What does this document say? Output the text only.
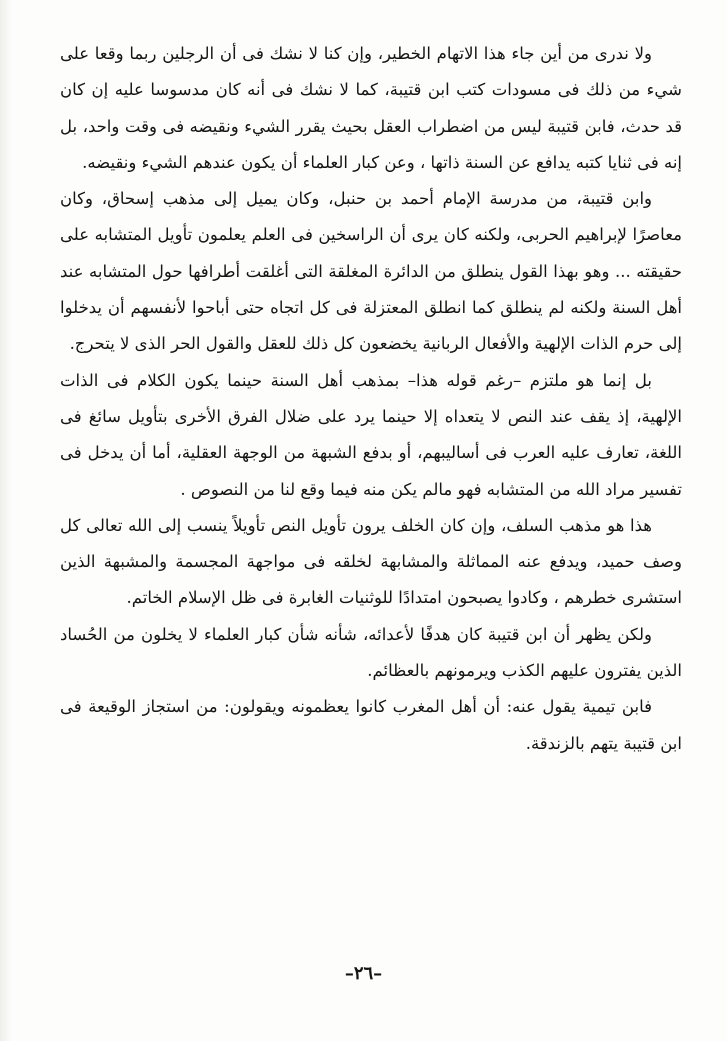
ولا ندرى من أين جاء هذا الاتهام الخطير، وإن كنا لا نشك فى أن الرجلين ربما وقعا على شيء من ذلك فى مسودات كتب ابن قتيبة، كما لا نشك فى أنه كان مدسوسا عليه إن كان قد حدث، فابن قتيبة ليس من اضطراب العقل بحيث يقرر الشيء ونقيضه فى وقت واحد، بل إنه فى ثنايا كتبه يدافع عن السنة ذاتها ، وعن كبار العلماء أن يكون عندهم الشيء ونقيضه.

وابن قتيبة، من مدرسة الإمام أحمد بن حنبل، وكان يميل إلى مذهب إسحاق، وكان معاصرًا لإبراهيم الحربى، ولكنه كان يرى أن الراسخين فى العلم يعلمون تأويل المتشابه على حقيقته ... وهو بهذا القول ينطلق من الدائرة المغلقة التى أغلقت أطرافها حول المتشابه عند أهل السنة ولكنه لم ينطلق كما انطلق المعتزلة فى كل اتجاه حتى أباحوا لأنفسهم أن يدخلوا إلى حرم الذات الإلهية والأفعال الربانية يخضعون كل ذلك للعقل والقول الحر الذى لا يتحرج.

بل إنما هو ملتزم –رغم قوله هذا– بمذهب أهل السنة حينما يكون الكلام فى الذات الإلهية، إذ يقف عند النص لا يتعداه إلا حينما يرد على ضلال الفرق الأخرى بتأويل سائغ فى اللغة، تعارف عليه العرب فى أساليبهم، أو بدفع الشبهة من الوجهة العقلية، أما أن يدخل فى تفسير مراد الله من المتشابه فهو مالم يكن منه فيما وقع لنا من النصوص .

هذا هو مذهب السلف، وإن كان الخلف يرون تأويل النص تأويلاً ينسب إلى الله تعالى كل وصف حميد، ويدفع عنه المماثلة والمشابهة لخلقه فى مواجهة المجسمة والمشبهة الذين استشرى خطرهم ، وكادوا يصبحون امتدادًا للوثنيات الغابرة فى ظل الإسلام الخاتم.

ولكن يظهر أن ابن قتيبة كان هدفًا لأعدائه، شأنه شأن كبار العلماء لا يخلون من الحُساد الذين يفترون عليهم الكذب ويرمونهم بالعظائم.

فابن تيمية يقول عنه: أن أهل المغرب كانوا يعظمونه ويقولون: من استجاز الوقيعة فى ابن قتيبة يتهم بالزندقة.

–٢٦–
